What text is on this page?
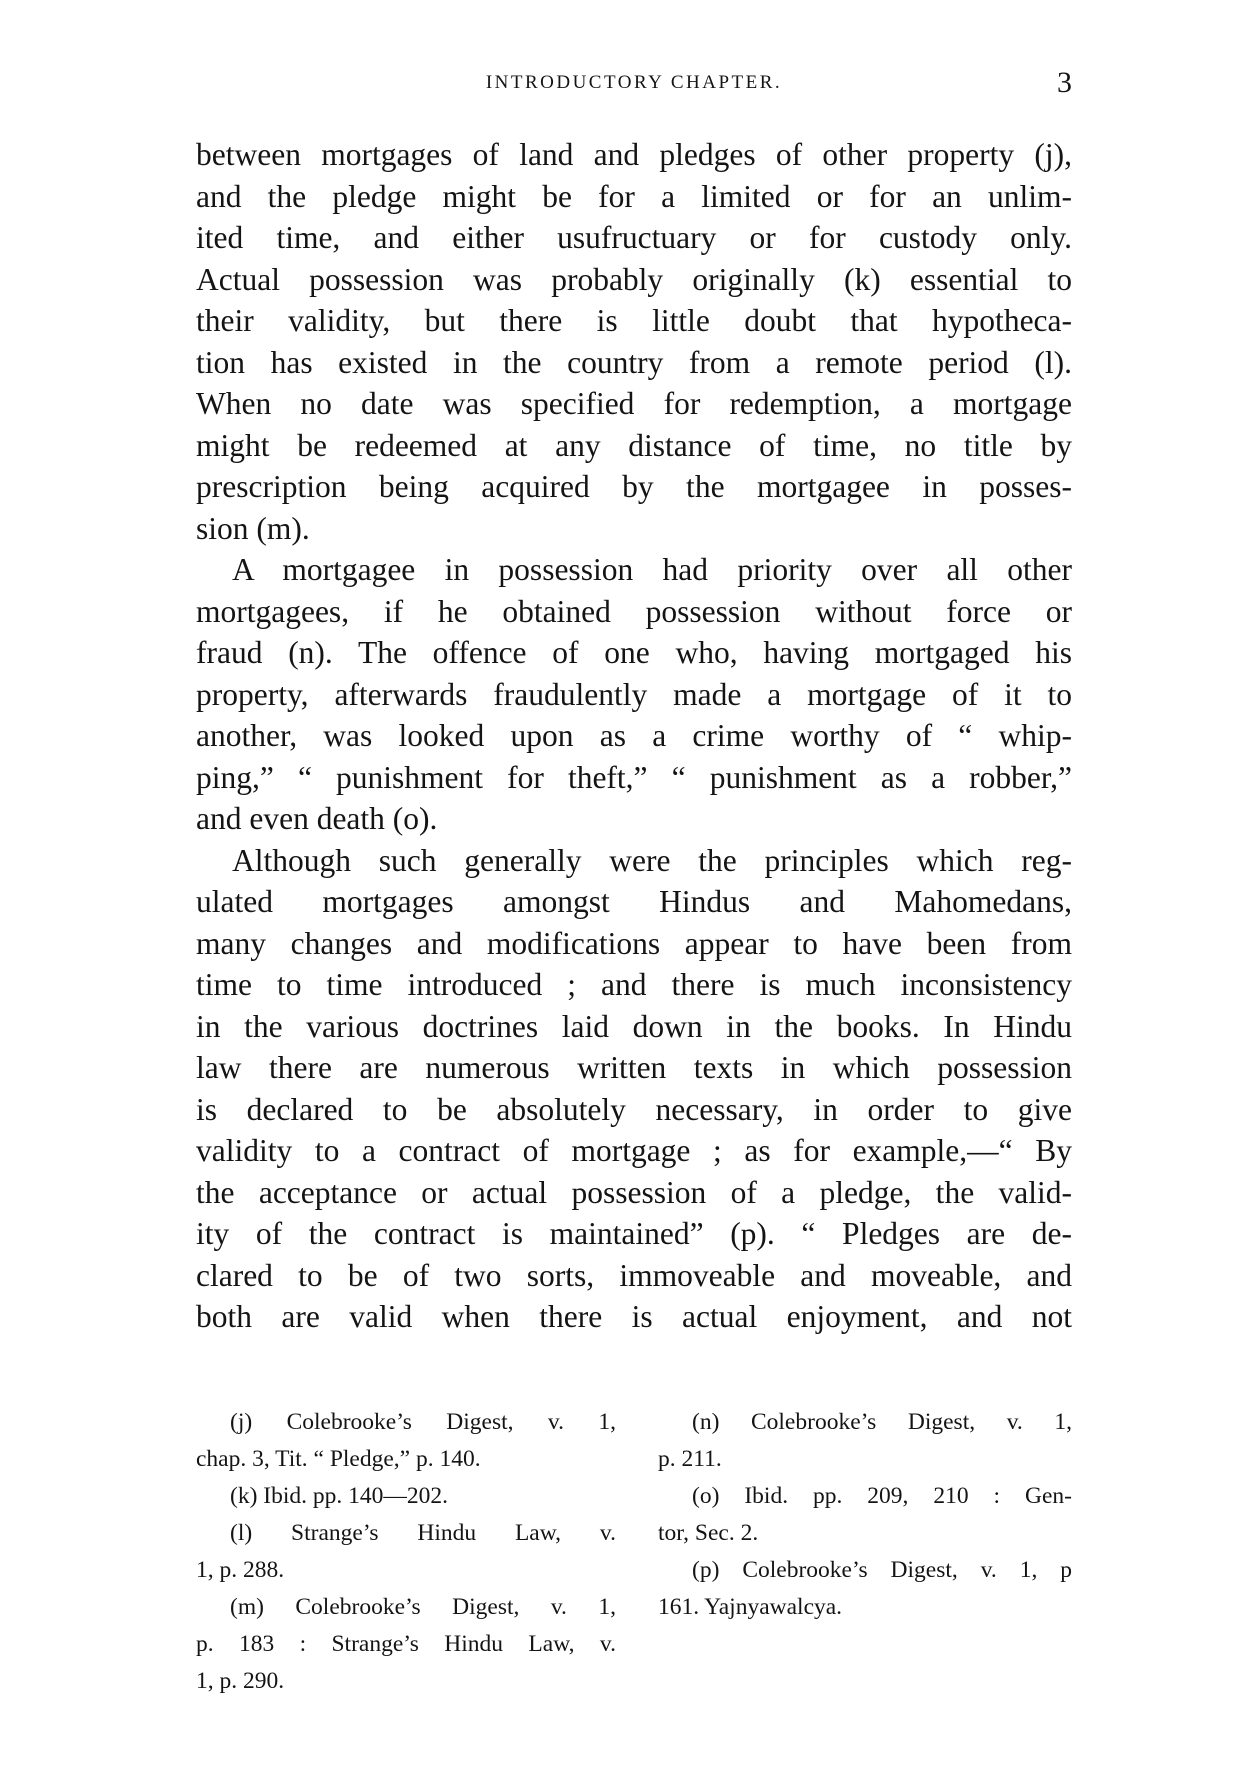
INTRODUCTORY CHAPTER.	3
between mortgages of land and pledges of other property (j),
and the pledge might be for a limited or for an unlim-
ited time, and either usufructuary or for custody only.
Actual possession was probably originally (k) essential to
their validity, but there is little doubt that hypotheca-
tion has existed in the country from a remote period (l).
When no date was specified for redemption, a mortgage
might be redeemed at any distance of time, no title by
prescription being acquired by the mortgagee in posses-
sion (m).
A mortgagee in possession had priority over all other
mortgagees, if he obtained possession without force or
fraud (n). The offence of one who, having mortgaged his
property, afterwards fraudulently made a mortgage of it to
another, was looked upon as a crime worthy of “ whip-
ping,” “ punishment for theft,” “ punishment as a robber,”
and even death (o).
Although such generally were the principles which reg-
ulated mortgages amongst Hindus and Mahomedans,
many changes and modifications appear to have been from
time to time introduced ; and there is much inconsistency
in the various doctrines laid down in the books. In Hindu
law there are numerous written texts in which possession
is declared to be absolutely necessary, in order to give
validity to a contract of mortgage ; as for example,—“ By
the acceptance or actual possession of a pledge, the valid-
ity of the contract is maintained” (p). “ Pledges are de-
clared to be of two sorts, immoveable and moveable, and
both are valid when there is actual enjoyment, and not
(j) Colebrooke’s Digest, v. 1,
chap. 3, Tit. “ Pledge,” p. 140.
(k) Ibid. pp. 140—202.
(l) Strange’s Hindu Law, v.
1, p. 288.
(m) Colebrooke’s Digest, v. 1,
p. 183 : Strange’s Hindu Law, v.
1, p. 290.
(n) Colebrooke’s Digest, v. 1,
p. 211.
(o) Ibid. pp. 209, 210 : Gen-
tor, Sec. 2.
(p) Colebrooke’s Digest, v. 1, p
161. Yajnyawalcya.
